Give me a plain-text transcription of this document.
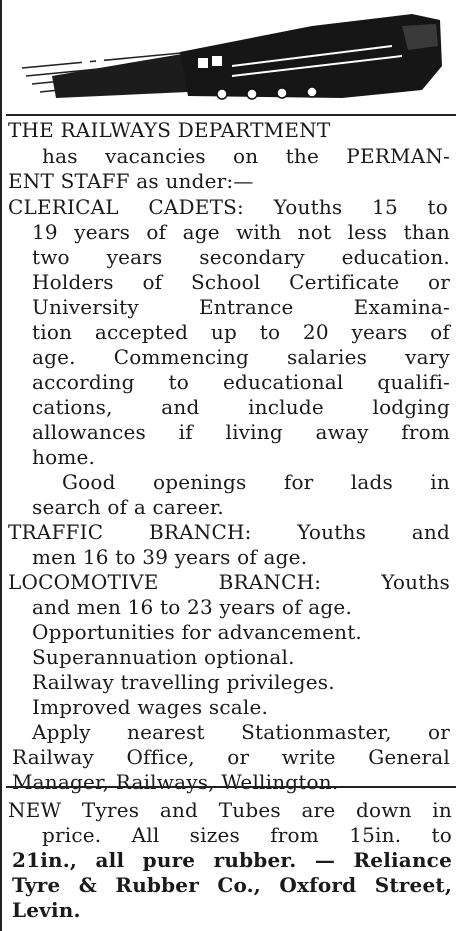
THE RAILWAYS DEPARTMENT
has vacancies on the PERMAN-
ENT STAFF as under:—
CLERICAL CADETS: Youths 15 to
19 years of age with not less than
two years secondary education.
Holders of School Certificate or
University Entrance Examina-
tion accepted up to 20 years of
age. Commencing salaries vary
according to educational qualifi-
cations, and include lodging
allowances if living away from
home.
Good openings for lads in
search of a career.
TRAFFIC BRANCH: Youths and
men 16 to 39 years of age.
LOCOMOTIVE BRANCH: Youths
and men 16 to 23 years of age.
Opportunities for advancement.
Superannuation optional.
Railway travelling privileges.
Improved wages scale.
Apply nearest Stationmaster, or
Railway Office, or write General
Manager, Railways, Wellington.
NEW Tyres and Tubes are down in
price. All sizes from 15in. to
21in., all pure rubber. — Reliance
Tyre & Rubber Co., Oxford Street,
Levin.
